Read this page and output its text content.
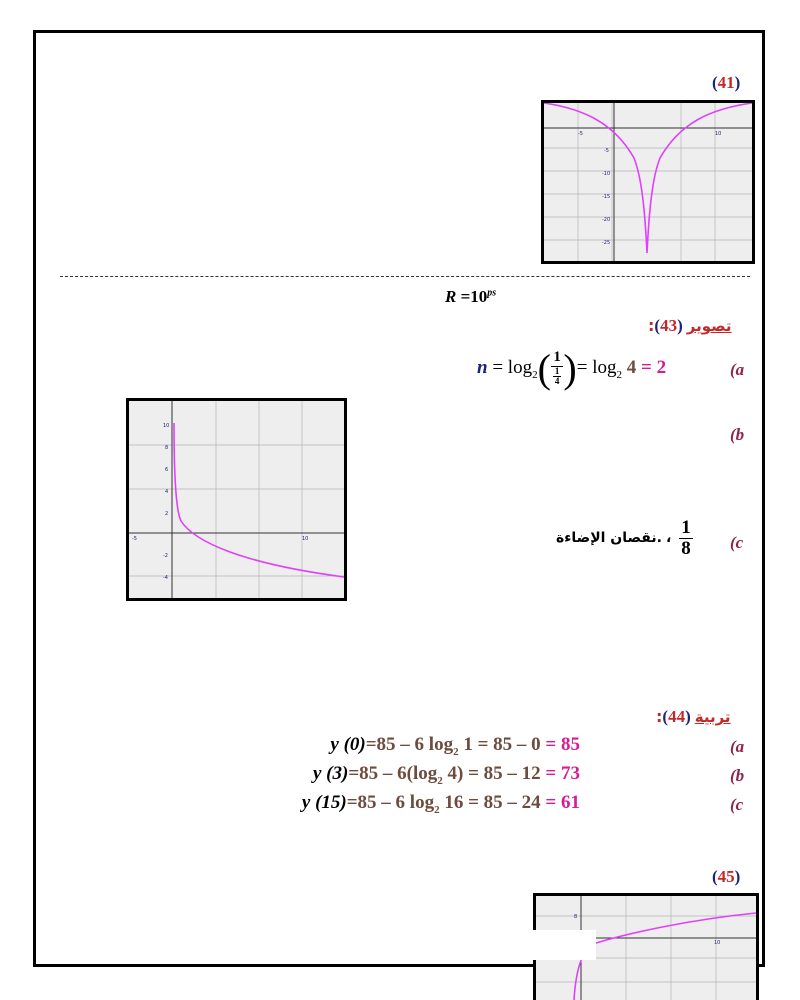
(41)
-5	10
-5
-10
-15
-20
-25
$R =10^{ps}$
: تصوير (43)
$n = \log_2( \frac{1}{\frac{1}{4}}$ )= $\log_2 4 = 2$	(a
10
8
6
4
2
-5	10
-2
-4
(b
نقصان الإضاءة. ، $\frac{1}{8} (c$
: تربية (44)
y (0)=85 – 6 $\log_2 1 = 85 - 0 = 85$	(a
y $(3)=85 - 6(\log_2$ 4) = 85 – 12 = 73	(b
y (15)=85 – 6 $\log_2 16 = 85 - 24 = 61$	(c
(45)
8
10
